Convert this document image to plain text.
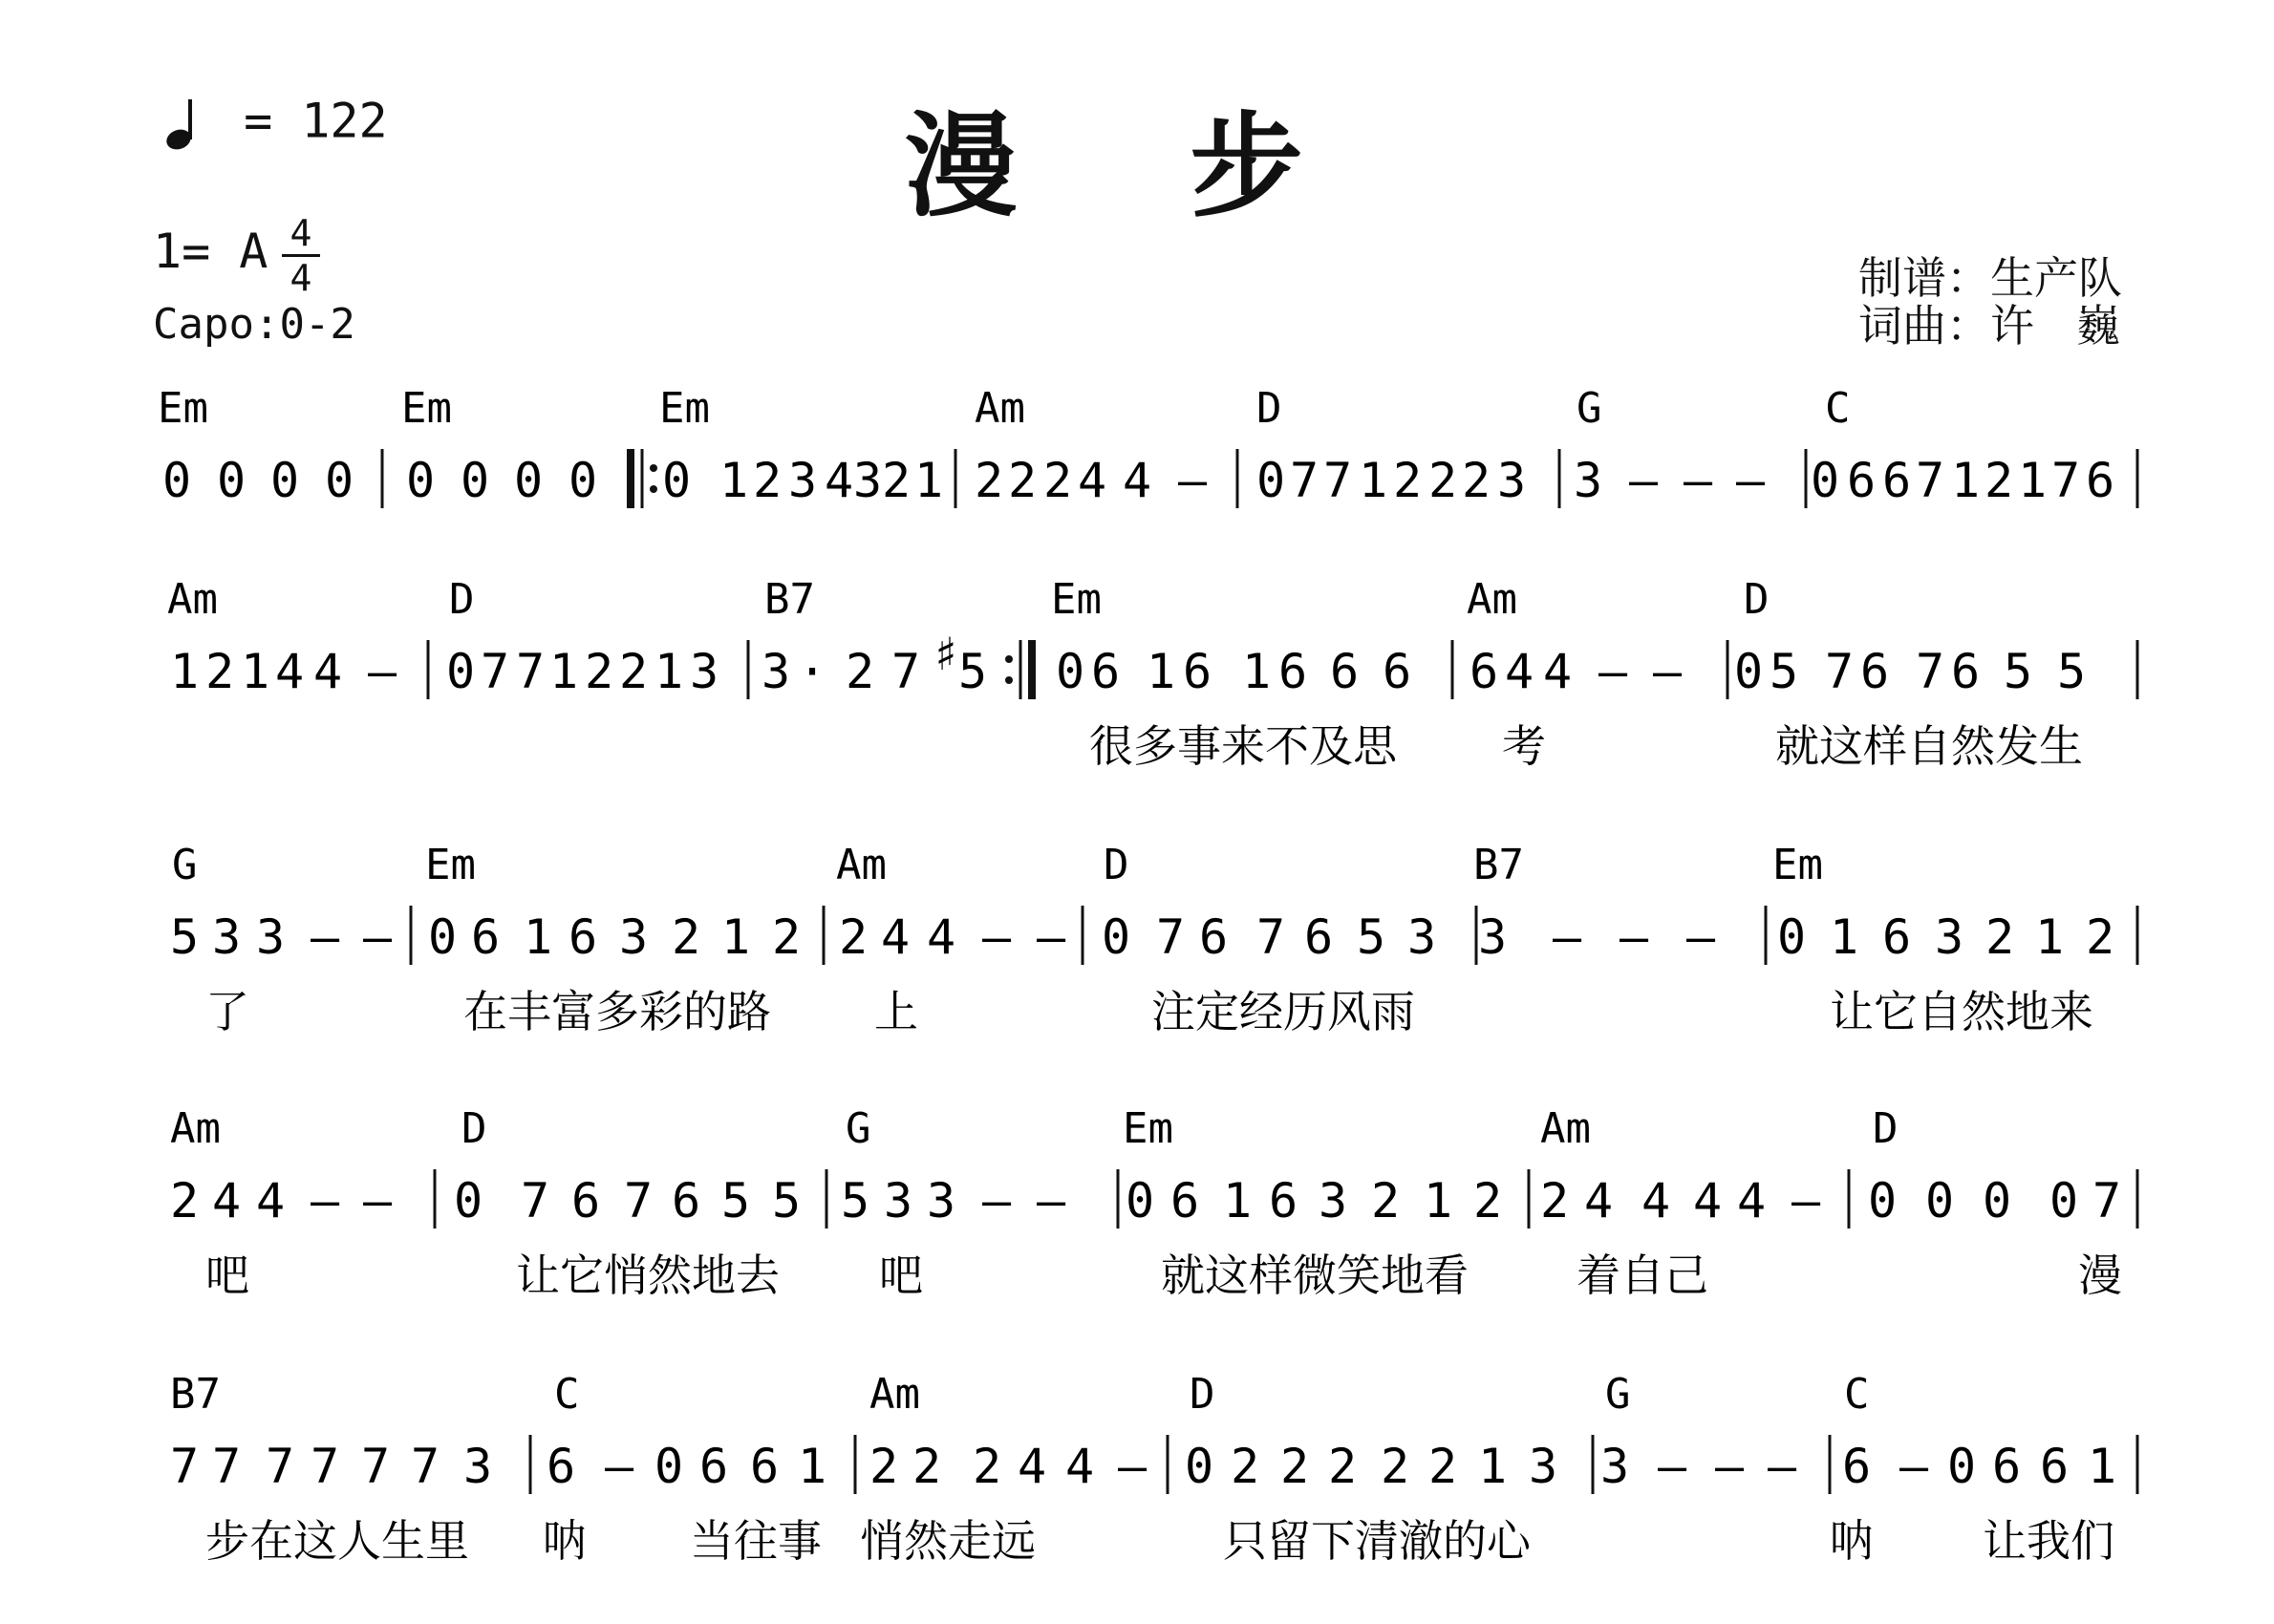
= 122	漫 步
1= A 4
4
Capo:0-2
制谱：生产队
词曲：许   巍
Em	Em	Em	Am	D	G	C
0 0 0 0 0 0 0 0 0 1 2 3 4 3 2 1 2 2 2 4 4 – 0 7 7 1 2 2 2 3 3 – – – 0 6 6 7 1 2 1 7 6
Am	D	B7	Em	Am	D
1 2 1 4 4 – 0 7 7 1 2 2 1 3 3 · 2 7 ♯
5 0 6 1 6 1 6 6 6 6 4 4 – – 0 5 7 6 7 6 5 5
很多事来不及思 考	就这样自然发生
G	Em	Am	D	B7	Em
5 3 3 – – 0 6 1 6 3 2 1 2 2 4 4 – – 0 7 6 7 6 5 3 3 – – – 0 1 6 3 2 1 2
了	在丰富多彩的路 上	注定经历风雨	让它自然地来
Am	D	G	Em	Am	D
2 4 4 – – 0 7 6 7 6 5 5 5 3 3 – – 0 6 1 6 3 2 1 2 2 4 4 4 4 – 0 0 0 0 7
吧	让它悄然地去 吧	就这样微笑地看 着自己	漫
B7	C	Am	D	G	C
7 7 7 7 7 7 3 6 – 0 6 6 1 2 2 2 4 4 – 0 2 2 2 2 2 1 3 3 – – – 6 – 0 6 6 1
步在这人生里 呐 当往事 悄然走远	只留下清澈的心	呐 让我们
